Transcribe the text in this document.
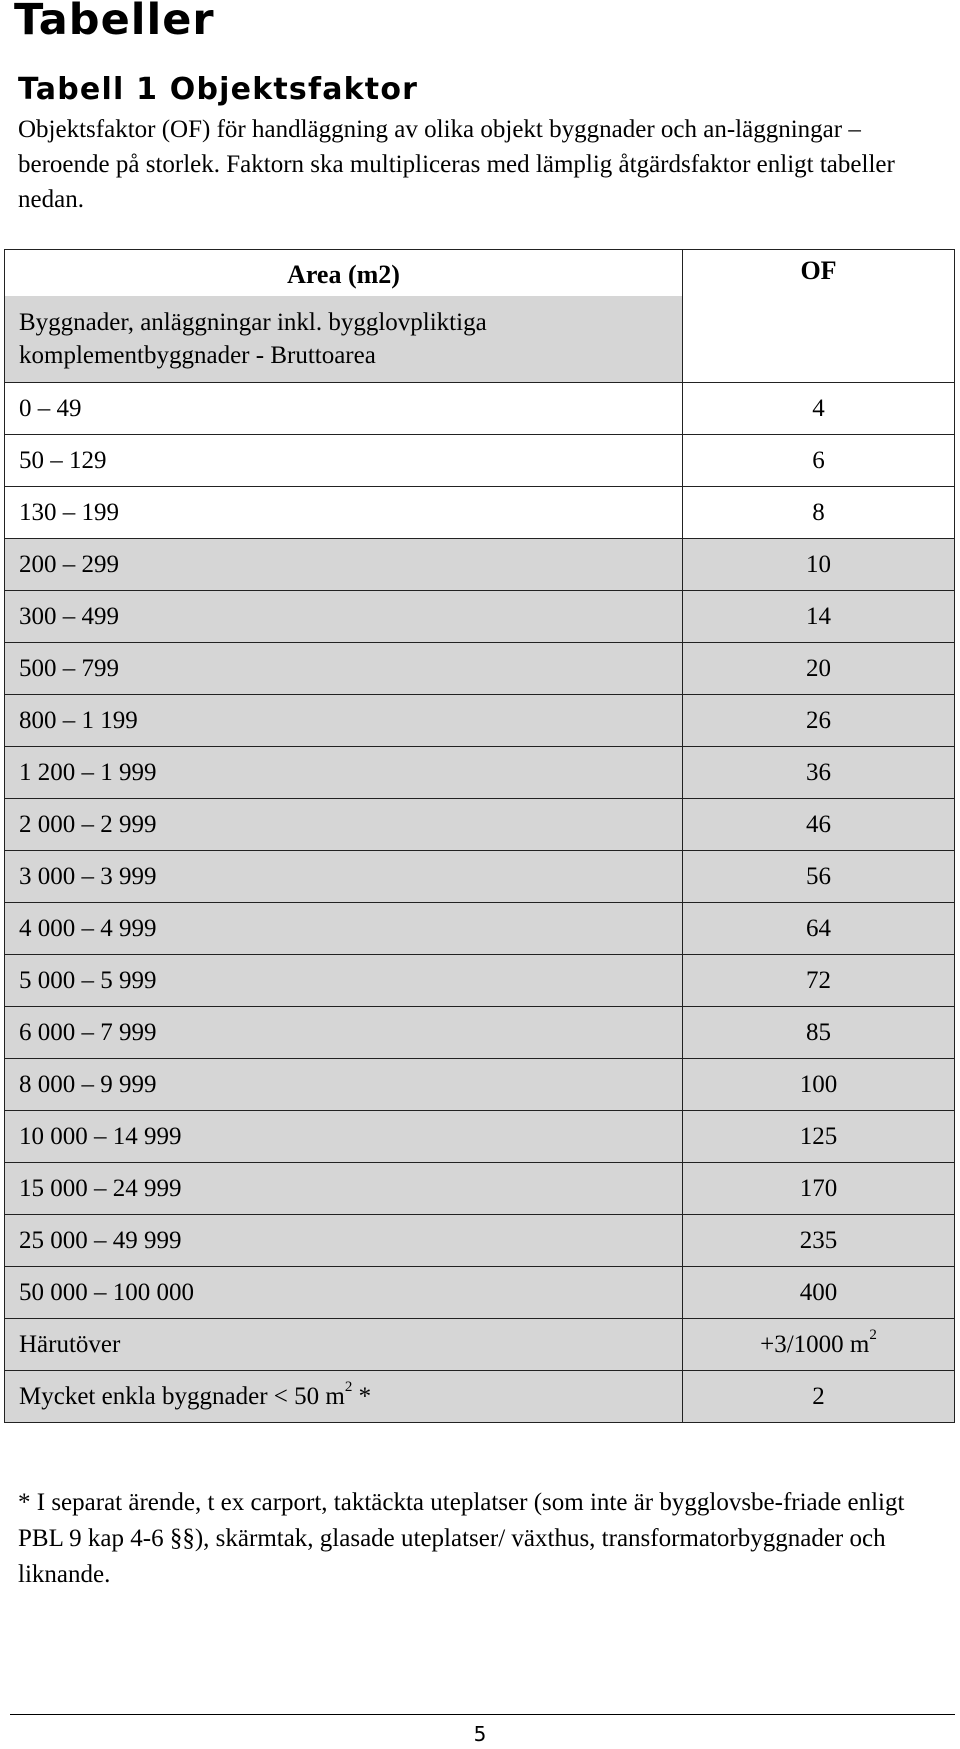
Tabeller
Tabell 1 Objektsfaktor

Objektsfaktor (OF) för handläggning av olika objekt byggnader och an-läggningar – beroende på storlek. Faktorn ska multipliceras med lämplig åtgärdsfaktor enligt tabeller nedan.

Area (m2)	OF
Byggnader, anläggningar inkl. bygglovpliktiga komplementbyggnader - Bruttoarea	
0 – 49	4
50 – 129	6
130 – 199	8
200 – 299	10
300 – 499	14
500 – 799	20
800 – 1 199	26
1 200 – 1 999	36
2 000 – 2 999	46
3 000 – 3 999	56
4 000 – 4 999	64
5 000 – 5 999	72
6 000 – 7 999	85
8 000 – 9 999	100
10 000 – 14 999	125
15 000 – 24 999	170
25 000 – 49 999	235
50 000 – 100 000	400
Härutöver	+3/1000 $m^2$
Mycket enkla byggnader < 50 $m^2$ *	2

* I separat ärende, t ex carport, taktäckta uteplatser (som inte är bygglovsbe-friade enligt PBL 9 kap 4-6 §§), skärmtak, glasade uteplatser/ växthus, transformatorbyggnader och liknande.

5
